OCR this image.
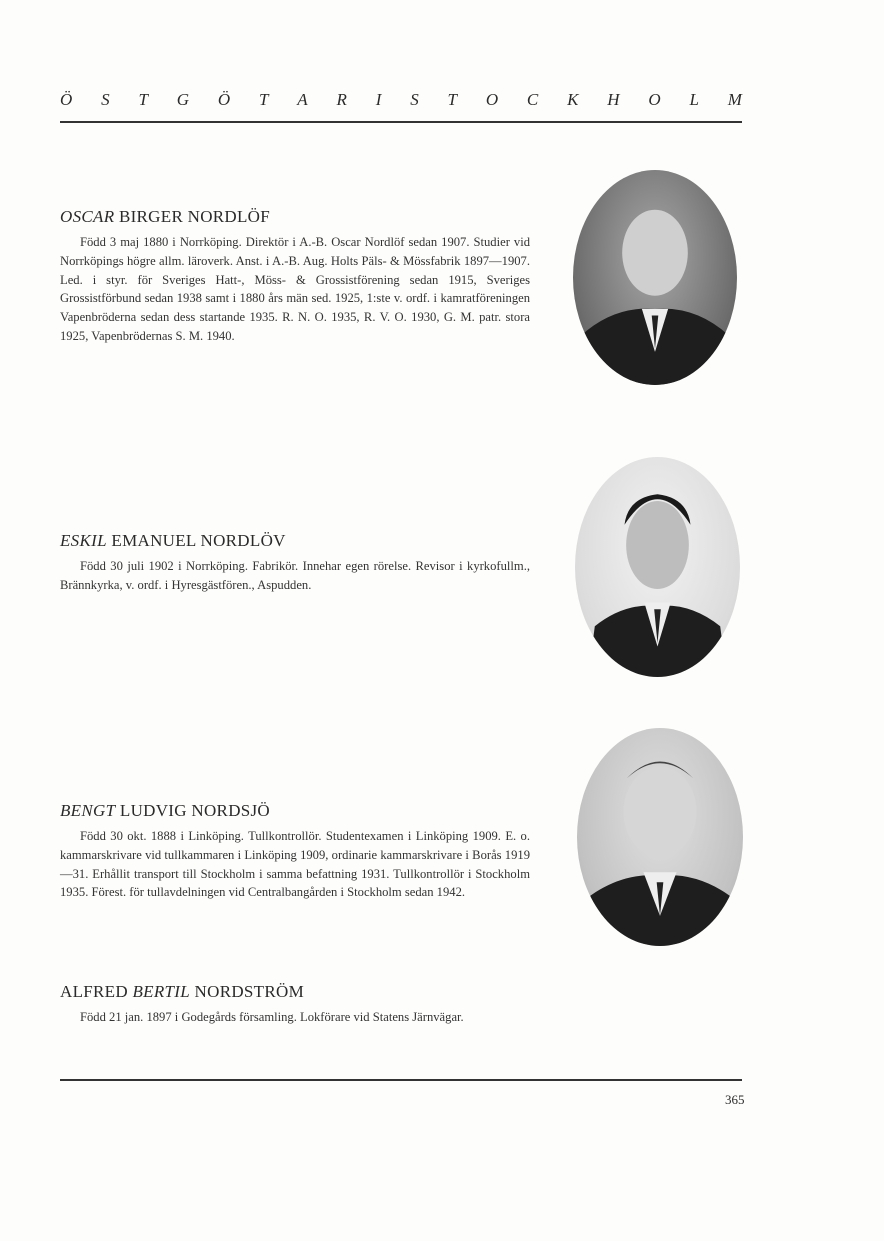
Ö S T G Ö T A R I S T O C K H O L M
OSCAR BIRGER NORDLÖF
Född 3 maj 1880 i Norrköping. Direktör i A.-B. Oscar Nordlöf sedan 1907. Studier vid Norrköpings högre allm. läroverk. Anst. i A.-B. Aug. Holts Päls- & Mössfabrik 1897—1907. Led. i styr. för Sveriges Hatt-, Möss- & Grossistförening sedan 1915, Sveriges Grossistförbund sedan 1938 samt i 1880 års män sed. 1925, 1:ste v. ordf. i kamratföreningen Vapenbröderna sedan dess startande 1935. R. N. O. 1935, R. V. O. 1930, G. M. patr. stora 1925, Vapenbrödernas S. M. 1940.
ESKIL EMANUEL NORDLÖV
Född 30 juli 1902 i Norrköping. Fabrikör. Innehar egen rörelse. Revisor i kyrkofullm., Brännkyrka, v. ordf. i Hyresgästfören., Aspudden.
BENGT LUDVIG NORDSJÖ
Född 30 okt. 1888 i Linköping. Tullkontrollör. Studentexamen i Linköping 1909. E. o. kammarskrivare vid tullkammaren i Linköping 1909, ordinarie kammarskrivare i Borås 1919—31. Erhållit transport till Stockholm i samma befattning 1931. Tullkontrollör i Stockholm 1935. Förest. för tullavdelningen vid Centralbangården i Stockholm sedan 1942.
ALFRED BERTIL NORDSTRÖM
Född 21 jan. 1897 i Godegårds församling. Lokförare vid Statens Järnvägar.
365
